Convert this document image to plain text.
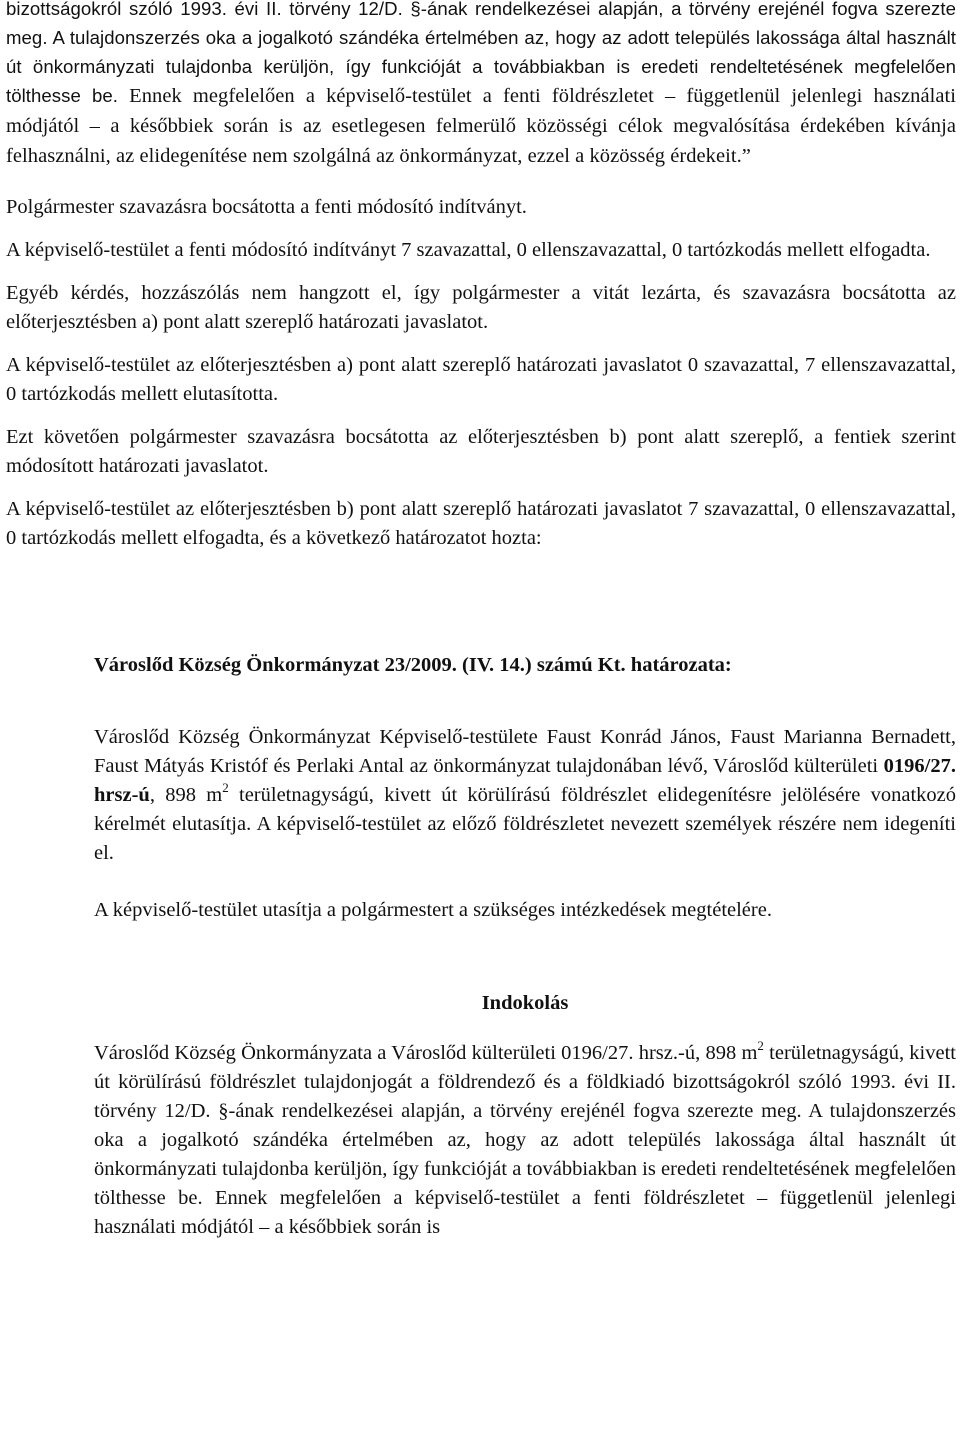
bizottságokról szóló 1993. évi II. törvény 12/D. §-ának rendelkezései alapján, a törvény erejénél fogva szerezte meg. A tulajdonszerzés oka a jogalkotó szándéka értelmében az, hogy az adott település lakossága által használt út önkormányzati tulajdonba kerüljön, így funkcióját a továbbiakban is eredeti rendeltetésének megfelelően tölthesse be. Ennek megfelelően a képviselő-testület a fenti földrészletet – függetlenül jelenlegi használati módjától – a későbbiek során is az esetlegesen felmerülő közösségi célok megvalósítása érdekében kívánja felhasználni, az elidegenítése nem szolgálná az önkormányzat, ezzel a közösség érdekeit.”

Polgármester szavazásra bocsátotta a fenti módosító indítványt.

A képviselő-testület a fenti módosító indítványt 7 szavazattal, 0 ellenszavazattal, 0 tartózkodás mellett elfogadta.

Egyéb kérdés, hozzászólás nem hangzott el, így polgármester a vitát lezárta, és szavazásra bocsátotta az előterjesztésben a) pont alatt szereplő határozati javaslatot.

A képviselő-testület az előterjesztésben a) pont alatt szereplő határozati javaslatot 0 szavazattal, 7 ellenszavazattal, 0 tartózkodás mellett elutasította.

Ezt követően polgármester szavazásra bocsátotta az előterjesztésben b) pont alatt szereplő, a fentiek szerint módosított határozati javaslatot.

A képviselő-testület az előterjesztésben b) pont alatt szereplő határozati javaslatot 7 szavazattal, 0 ellenszavazattal, 0 tartózkodás mellett elfogadta, és a következő határozatot hozta:

Városlőd Község Önkormányzat 23/2009. (IV. 14.) számú Kt. határozata:

Városlőd Község Önkormányzat Képviselő-testülete Faust Konrád János, Faust Marianna Bernadett, Faust Mátyás Kristóf és Perlaki Antal az önkormányzat tulajdonában lévő, Városlőd külterületi 0196/27. hrsz-ú, 898 $m^2$ területnagyságú, kivett út körülírású földrészlet elidegenítésre jelölésére vonatkozó kérelmét elutasítja. A képviselő-testület az előző földrészletet nevezett személyek részére nem idegeníti el.

A képviselő-testület utasítja a polgármestert a szükséges intézkedések megtételére.

Indokolás

Városlőd Község Önkormányzata a Városlőd külterületi 0196/27. hrsz.-ú, 898 $m^2$ területnagyságú, kivett út körülírású földrészlet tulajdonjogát a földrendező és a földkiadó bizottságokról szóló 1993. évi II. törvény 12/D. §-ának rendelkezései alapján, a törvény erejénél fogva szerezte meg. A tulajdonszerzés oka a jogalkotó szándéka értelmében az, hogy az adott település lakossága által használt út önkormányzati tulajdonba kerüljön, így funkcióját a továbbiakban is eredeti rendeltetésének megfelelően tölthesse be. Ennek megfelelően a képviselő-testület a fenti földrészletet – függetlenül jelenlegi használati módjától – a későbbiek során is
